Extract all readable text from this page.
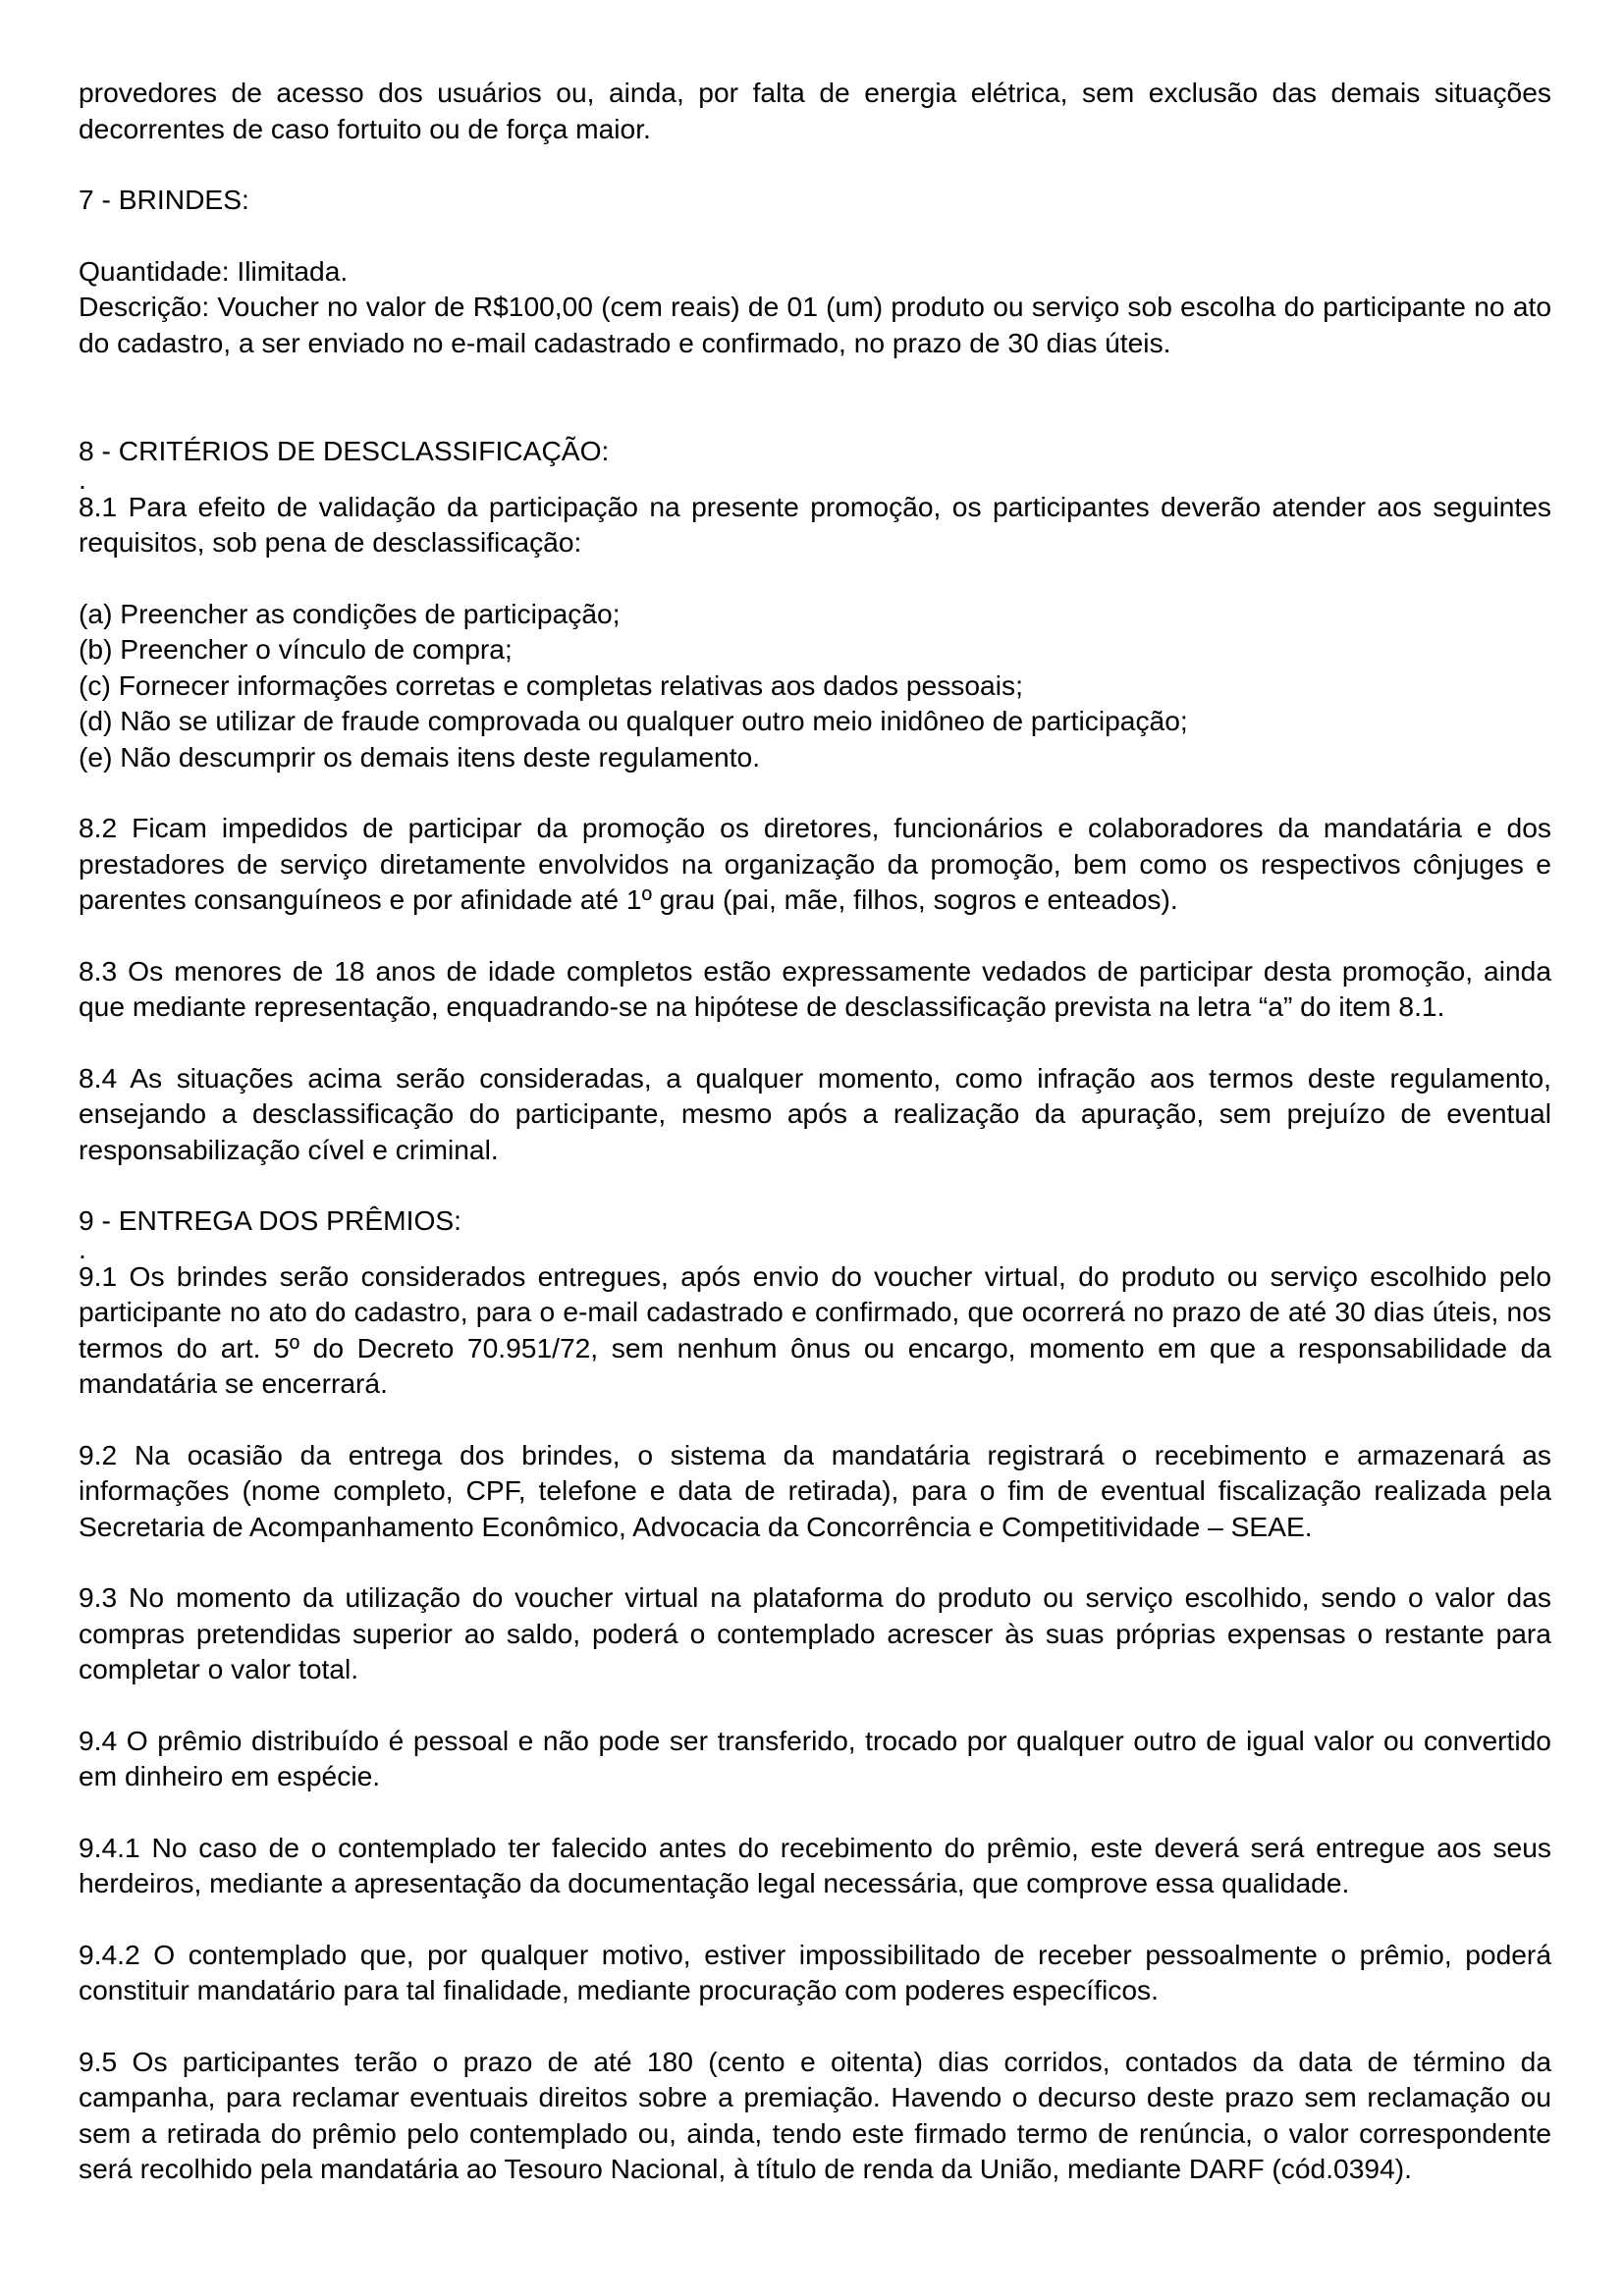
provedores de acesso dos usuários ou, ainda, por falta de energia elétrica, sem exclusão das demais situações decorrentes de caso fortuito ou de força maior.

7 - BRINDES:

Quantidade: Ilimitada.

Descrição: Voucher no valor de R$100,00 (cem reais) de 01 (um) produto ou serviço sob escolha do participante no ato do cadastro, a ser enviado no e-mail cadastrado e confirmado, no prazo de 30 dias úteis.

8 - CRITÉRIOS DE DESCLASSIFICAÇÃO:

.

8.1 Para efeito de validação da participação na presente promoção, os participantes deverão atender aos seguintes requisitos, sob pena de desclassificação:

(a) Preencher as condições de participação;

(b) Preencher o vínculo de compra;

(c) Fornecer informações corretas e completas relativas aos dados pessoais;

(d) Não se utilizar de fraude comprovada ou qualquer outro meio inidôneo de participação;

(e) Não descumprir os demais itens deste regulamento.

8.2 Ficam impedidos de participar da promoção os diretores, funcionários e colaboradores da mandatária e dos prestadores de serviço diretamente envolvidos na organização da promoção, bem como os respectivos cônjuges e parentes consanguíneos e por afinidade até 1º grau (pai, mãe, filhos, sogros e enteados).

8.3 Os menores de 18 anos de idade completos estão expressamente vedados de participar desta promoção, ainda que mediante representação, enquadrando-se na hipótese de desclassificação prevista na letra “a” do item 8.1.

8.4 As situações acima serão consideradas, a qualquer momento, como infração aos termos deste regulamento, ensejando a desclassificação do participante, mesmo após a realização da apuração, sem prejuízo de eventual responsabilização cível e criminal.

9 - ENTREGA DOS PRÊMIOS:

.

9.1 Os brindes serão considerados entregues, após envio do voucher virtual, do produto ou serviço escolhido pelo participante no ato do cadastro, para o e-mail cadastrado e confirmado, que ocorrerá no prazo de até 30 dias úteis, nos termos do art. 5º do Decreto 70.951/72, sem nenhum ônus ou encargo, momento em que a responsabilidade da mandatária se encerrará.

9.2 Na ocasião da entrega dos brindes, o sistema da mandatária registrará o recebimento e armazenará as informações (nome completo, CPF, telefone e data de retirada), para o fim de eventual fiscalização realizada pela Secretaria de Acompanhamento Econômico, Advocacia da Concorrência e Competitividade – SEAE.

9.3 No momento da utilização do voucher virtual na plataforma do produto ou serviço escolhido, sendo o valor das compras pretendidas superior ao saldo, poderá o contemplado acrescer às suas próprias expensas o restante para completar o valor total.

9.4 O prêmio distribuído é pessoal e não pode ser transferido, trocado por qualquer outro de igual valor ou convertido em dinheiro em espécie.

9.4.1 No caso de o contemplado ter falecido antes do recebimento do prêmio, este deverá será entregue aos seus herdeiros, mediante a apresentação da documentação legal necessária, que comprove essa qualidade.

9.4.2 O contemplado que, por qualquer motivo, estiver impossibilitado de receber pessoalmente o prêmio, poderá constituir mandatário para tal finalidade, mediante procuração com poderes específicos.

9.5 Os participantes terão o prazo de até 180 (cento e oitenta) dias corridos, contados da data de término da campanha, para reclamar eventuais direitos sobre a premiação. Havendo o decurso deste prazo sem reclamação ou sem a retirada do prêmio pelo contemplado ou, ainda, tendo este firmado termo de renúncia, o valor correspondente será recolhido pela mandatária ao Tesouro Nacional, à título de renda da União, mediante DARF (cód.0394).
